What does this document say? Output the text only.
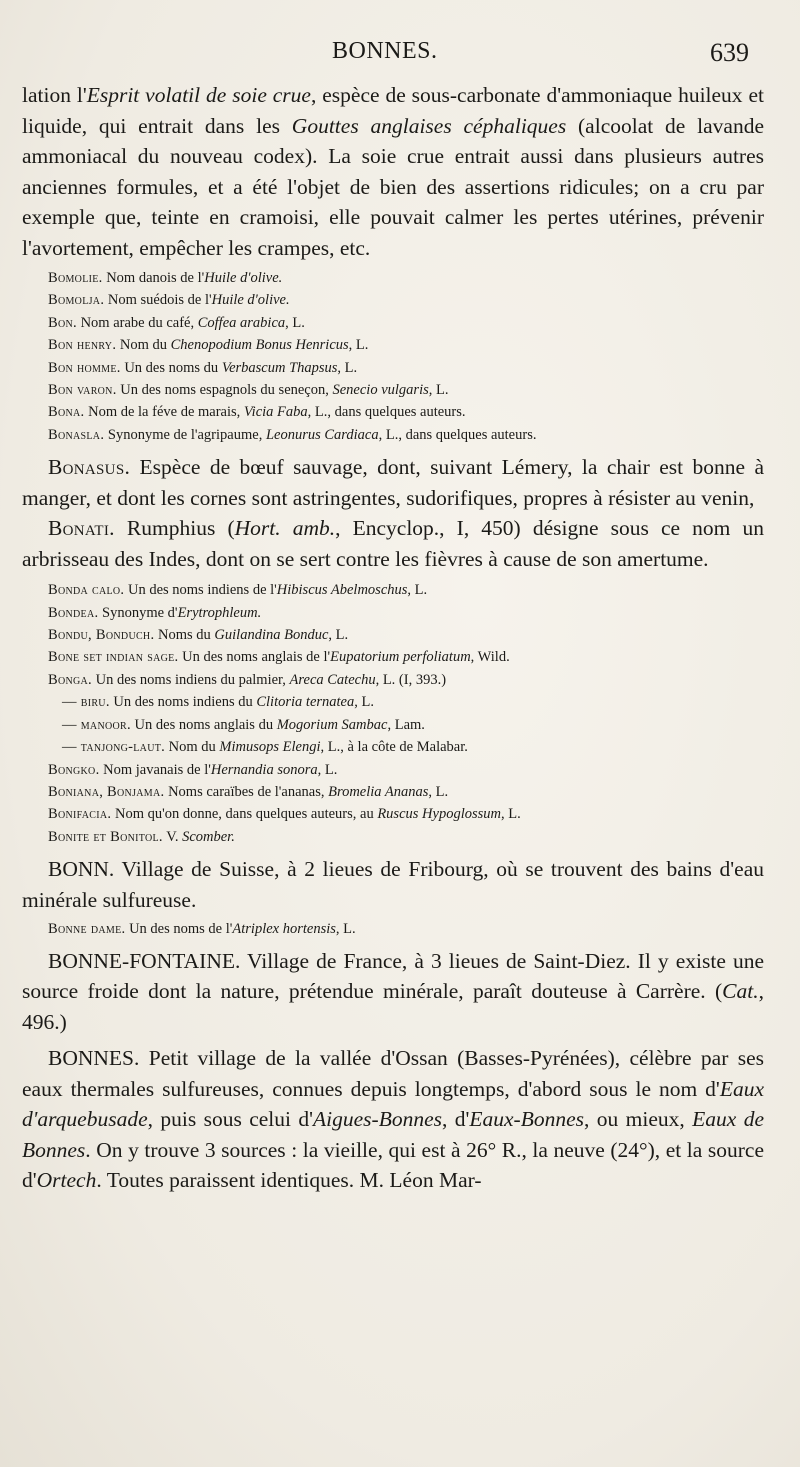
BONNES.	639

lation l'Esprit volatil de soie crue, espèce de sous-carbonate d'ammoniaque huileux et liquide, qui entrait dans les Gouttes anglaises céphaliques (alcoolat de lavande ammoniacal du nouveau codex). La soie crue entrait aussi dans plusieurs autres anciennes formules, et a été l'objet de bien des assertions ridicules; on a cru par exemple que, teinte en cramoisi, elle pouvait calmer les pertes utérines, prévenir l'avortement, empêcher les crampes, etc.

Bomolie. Nom danois de l'Huile d'olive.

Bomolja. Nom suédois de l'Huile d'olive.

Bon. Nom arabe du café, Coffea arabica, L.

Bon henry. Nom du Chenopodium Bonus Henricus, L.

Bon homme. Un des noms du Verbascum Thapsus, L.

Bon varon. Un des noms espagnols du seneçon, Senecio vulgaris, L.

Bona. Nom de la féve de marais, Vicia Faba, L., dans quelques auteurs.

Bonasla. Synonyme de l'agripaume, Leonurus Cardiaca, L., dans quelques auteurs.

Bonasus. Espèce de bœuf sauvage, dont, suivant Lémery, la chair est bonne à manger, et dont les cornes sont astringentes, sudorifiques, propres à résister au venin,

Bonati. Rumphius (Hort. amb., Encyclop., I, 450) désigne sous ce nom un arbrisseau des Indes, dont on se sert contre les fièvres à cause de son amertume.

Bonda calo. Un des noms indiens de l'Hibiscus Abelmoschus, L.

Bondea. Synonyme d'Erytrophleum.

Bondu, Bonduch. Noms du Guilandina Bonduc, L.

Bone set indian sage. Un des noms anglais de l'Eupatorium perfoliatum, Wild.

Bonga. Un des noms indiens du palmier, Areca Catechu, L. (I, 393.)

— biru. Un des noms indiens du Clitoria ternatea, L.

— manoor. Un des noms anglais du Mogorium Sambac, Lam.

— tanjong-laut. Nom du Mimusops Elengi, L., à la côte de Malabar.

Bongko. Nom javanais de l'Hernandia sonora, L.

Boniana, Bonjama. Noms caraïbes de l'ananas, Bromelia Ananas, L.

Bonifacia. Nom qu'on donne, dans quelques auteurs, au Ruscus Hypoglossum, L.

Bonite et Bonitol. V. Scomber.

BONN. Village de Suisse, à 2 lieues de Fribourg, où se trouvent des bains d'eau minérale sulfureuse.

Bonne dame. Un des noms de l'Atriplex hortensis, L.

BONNE-FONTAINE. Village de France, à 3 lieues de Saint-Diez. Il y existe une source froide dont la nature, prétendue minérale, paraît douteuse à Carrère. (Cat., 496.)

BONNES. Petit village de la vallée d'Ossan (Basses-Pyrénées), célèbre par ses eaux thermales sulfureuses, connues depuis longtemps, d'abord sous le nom d'Eaux d'arquebusade, puis sous celui d'Aigues-Bonnes, d'Eaux-Bonnes, ou mieux, Eaux de Bonnes. On y trouve 3 sources : la vieille, qui est à 26° R., la neuve (24°), et la source d'Ortech. Toutes paraissent identiques. M. Léon Mar-
